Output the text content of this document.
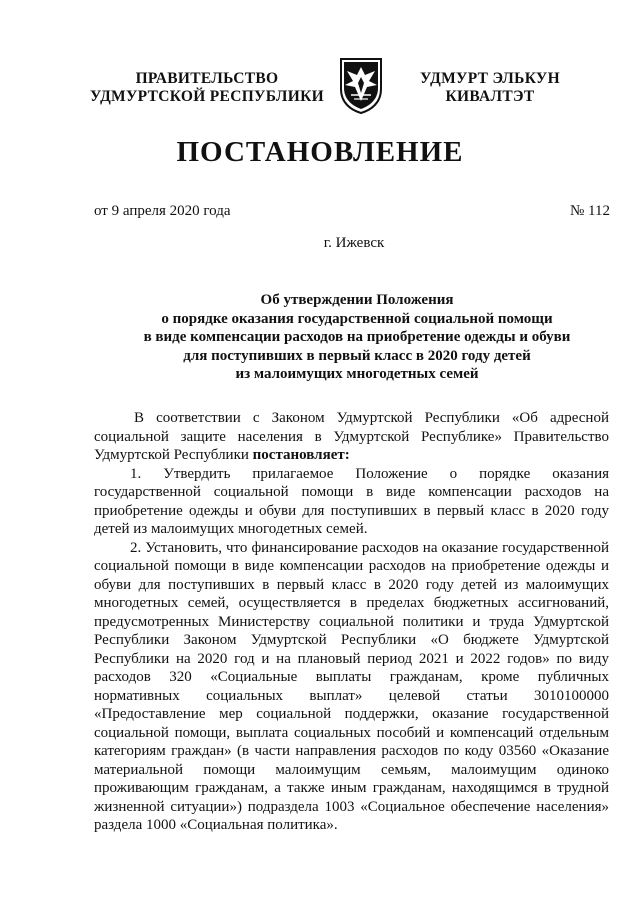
ПРАВИТЕЛЬСТВО
УДМУРТСКОЙ РЕСПУБЛИКИ
УДМУРТ ЭЛЬКУН
КИВАЛТЭТ
ПОСТАНОВЛЕНИЕ
от 9 апреля 2020 года	№ 112
г. Ижевск
Об утверждении Положения
о порядке оказания государственной социальной помощи
в виде компенсации расходов на приобретение одежды и обуви
для поступивших в первый класс в 2020 году детей
из малоимущих многодетных семей

В соответствии с Законом Удмуртской Республики «Об адресной социальной защите населения в Удмуртской Республике» Правительство Удмуртской Республики постановляет:

1. Утвердить прилагаемое Положение о порядке оказания государственной социальной помощи в виде компенсации расходов на приобретение одежды и обуви для поступивших в первый класс в 2020 году детей из малоимущих многодетных семей.

2. Установить, что финансирование расходов на оказание государственной социальной помощи в виде компенсации расходов на приобретение одежды и обуви для поступивших в первый класс в 2020 году детей из малоимущих многодетных семей, осуществляется в пределах бюджетных ассигнований, предусмотренных Министерству социальной политики и труда Удмуртской Республики Законом Удмуртской Республики «О бюджете Удмуртской Республики на 2020 год и на плановый период 2021 и 2022 годов» по виду расходов 320 «Социальные выплаты гражданам, кроме публичных нормативных социальных выплат» целевой статьи 3010100000 «Предоставление мер социальной поддержки, оказание государственной социальной помощи, выплата социальных пособий и компенсаций отдельным категориям граждан» (в части направления расходов по коду 03560 «Оказание материальной помощи малоимущим семьям, малоимущим одиноко проживающим гражданам, а также иным гражданам, находящимся в трудной жизненной ситуации») подраздела 1003 «Социальное обеспечение населения» раздела 1000 «Социальная политика».
